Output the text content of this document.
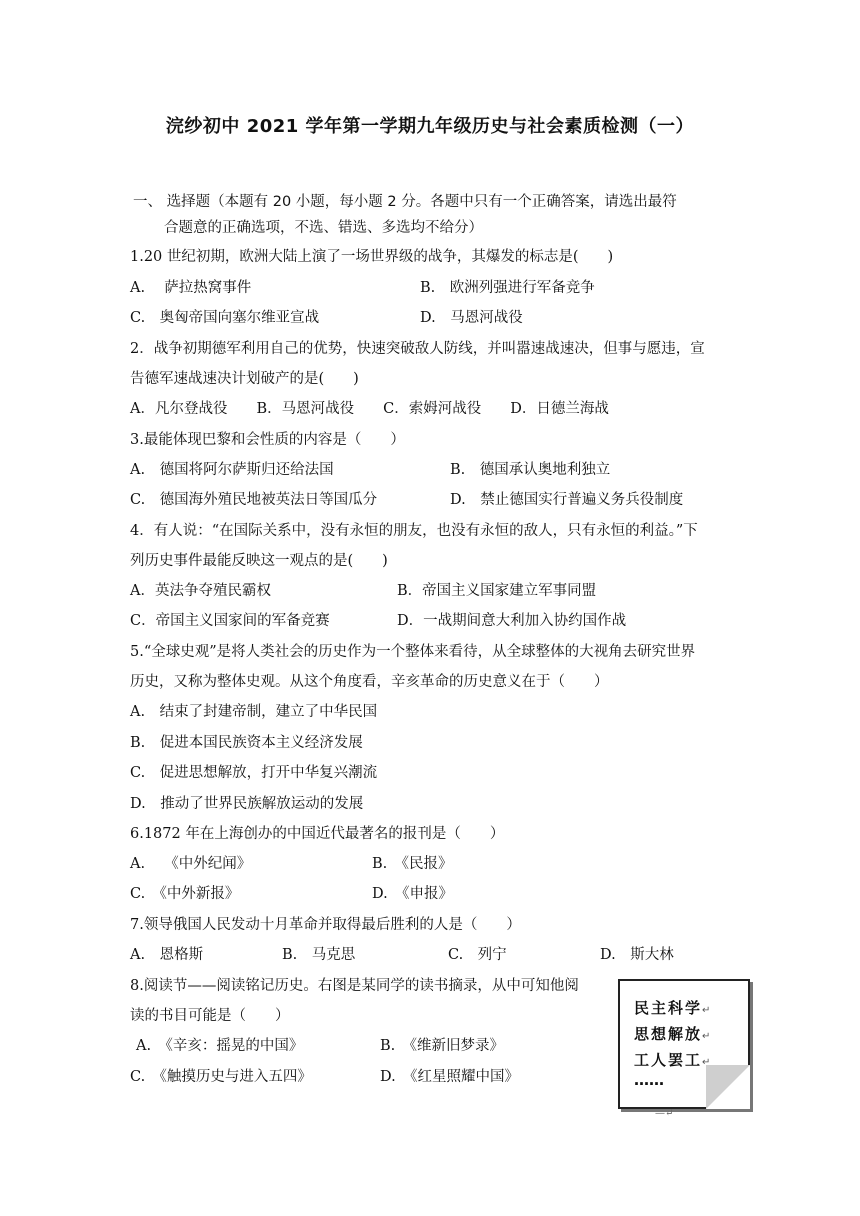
浣纱初中 2021 学年第一学期九年级历史与社会素质检测（一）
一、 选择题（本题有 20 小题，每小题 2 分。各题中只有一个正确答案，请选出最符
合题意的正确选项，不选、错选、多选均不给分）
1.20 世纪初期，欧洲大陆上演了一场世界级的战争，其爆发的标志是(　　)
A.　 萨拉热窝事件	B.　欧洲列强进行军备竞争
C.　奥匈帝国向塞尔维亚宣战	D.　马恩河战役
2．战争初期德军利用自己的优势，快速突破敌人防线，并叫嚣速战速决，但事与愿违，宣
告德军速战速决计划破产的是(　　)
A．凡尔登战役　　B．马恩河战役　　C．索姆河战役　　D．日德兰海战
3.最能体现巴黎和会性质的内容是（　　）
A.　德国将阿尔萨斯归还给法国	B.　德国承认奥地利独立
C.　德国海外殖民地被英法日等国瓜分	D.　禁止德国实行普遍义务兵役制度
4．有人说：“在国际关系中，没有永恒的朋友，也没有永恒的敌人，只有永恒的利益。”下
列历史事件最能反映这一观点的是(　　)
A．英法争夺殖民霸权	B．帝国主义国家建立军事同盟
C．帝国主义国家间的军备竞赛	D．一战期间意大利加入协约国作战
5.“全球史观”是将人类社会的历史作为一个整体来看待，从全球整体的大视角去研究世界
历史，又称为整体史观。从这个角度看，辛亥革命的历史意义在于（　　）
A.　结束了封建帝制，建立了中华民国
B.　促进本国民族资本主义经济发展
C.　促进思想解放，打开中华复兴潮流
D.　推动了世界民族解放运动的发展
6.1872 年在上海创办的中国近代最著名的报刊是（　　）
A.　 《中外纪闻》	B.　《民报》
C.　《中外新报》	D.　《申报》
7.领导俄国人民发动十月革命并取得最后胜利的人是（　　）
A.　恩格斯	B.　马克思	C.　列宁	D.　斯大林
8.阅读节——阅读铭记历史。右图是某同学的读书摘录，从中可知他阅
读的书目可能是（　　）
A.　《辛亥：摇晃的中国》	B.　《维新旧梦录》
C.　《触摸历史与进入五四》	D.　《红星照耀中国》
民主科学↵
思想解放↵
工人罢工↵
……
—↵
